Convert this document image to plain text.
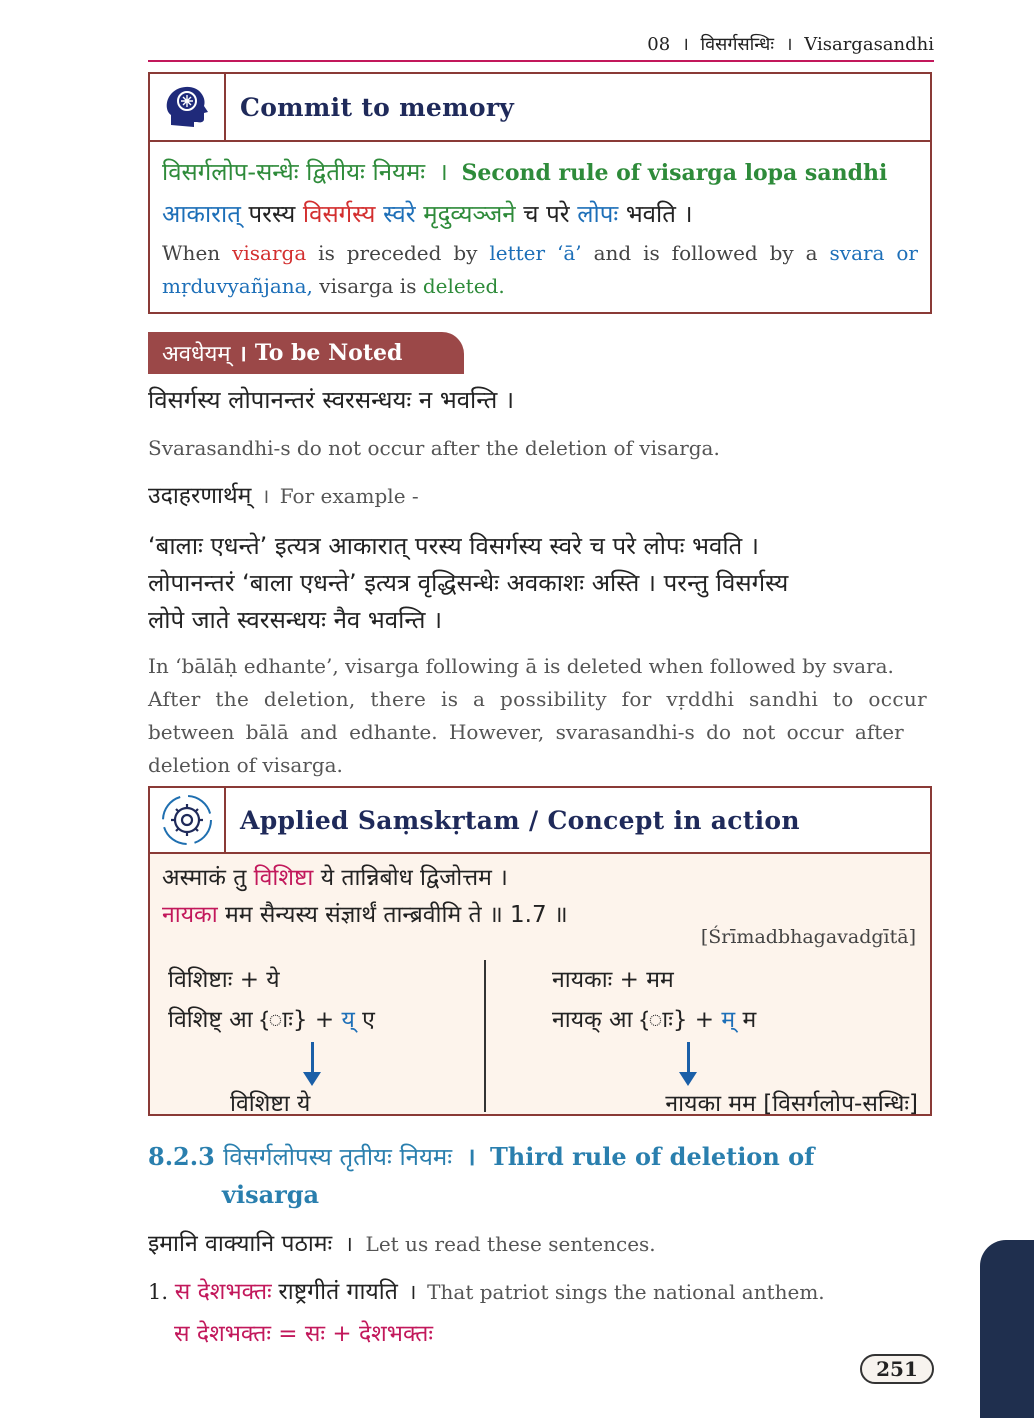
08 । विसर्गसन्धिः । Visargasandhi
Commit to memory
विसर्गलोप-सन्धेः द्वितीयः नियमः । Second rule of visarga lopa sandhi
आकारात् परस्य विसर्गस्य स्वरे मृदुव्यञ्जने च परे लोपः भवति ।
When visarga is preceded by letter ‘ā’ and is followed by a svara or mṛduvyañjana, visarga is deleted.
अवधेयम् । To be Noted
विसर्गस्य लोपानन्तरं स्वरसन्धयः न भवन्ति ।
Svarasandhi-s do not occur after the deletion of visarga.
उदाहरणार्थम् । For example -
‘बालाः एधन्ते’ इत्यत्र आकारात् परस्य विसर्गस्य स्वरे च परे लोपः भवति ।
लोपानन्तरं ‘बाला एधन्ते’ इत्यत्र वृद्धिसन्धेः अवकाशः अस्ति । परन्तु विसर्गस्य
लोपे जाते स्वरसन्धयः नैव भवन्ति ।
In ‘bālāḥ edhante’, visarga following ā is deleted when followed by svara.
After the deletion, there is a possibility for vṛddhi sandhi to occur
between bālā and edhante. However, svarasandhi-s do not occur after
deletion of visarga.
Applied Saṃskṛtam / Concept in action
अस्माकं तु विशिष्टा ये तान्निबोध द्विजोत्तम ।
नायका मम सैन्यस्य संज्ञार्थं तान्ब्रवीमि ते ॥ 1.7 ॥
[Śrīmadbhagavadgītā]
विशिष्टाः + ये
विशिष्ट् आ {} + य् ए
विशिष्टा ये
नायकाः + मम
नायक् आ {} + म् म
नायका मम [विसर्गलोप-सन्धिः]
8.2.3 विसर्गलोपस्य तृतीयः नियमः । Third rule of deletion of
visarga
इमानि वाक्यानि पठामः । Let us read these sentences.
1. स देशभक्तः राष्ट्रगीतं गायति । That patriot sings the national anthem.
स देशभक्तः = सः + देशभक्तः
251
